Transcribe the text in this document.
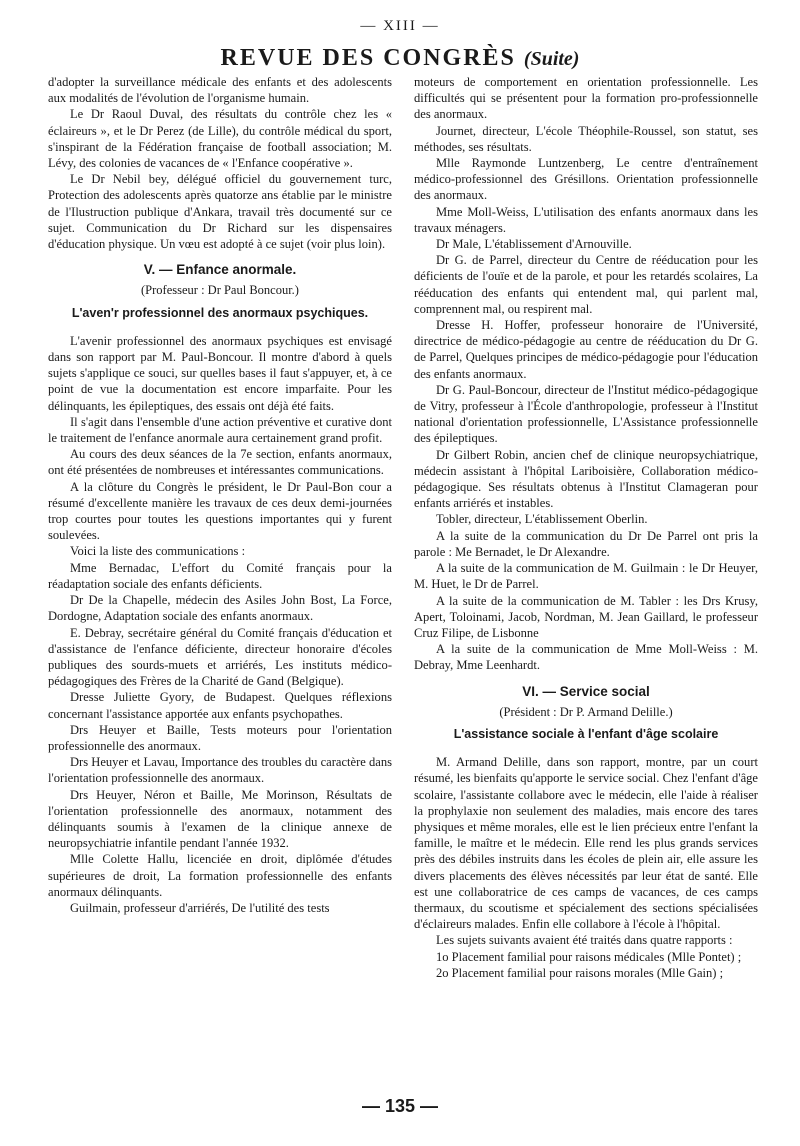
— XIII —
REVUE DES CONGRÈS (Suite)

d'adopter la surveillance médicale des enfants et des adolescents aux modalités de l'évolution de l'organisme humain.

Le Dr Raoul Duval, des résultats du contrôle chez les « éclaireurs », et le Dr Perez (de Lille), du contrôle médical du sport, s'inspirant de la Fédération française de football association; M. Lévy, des colonies de vacances de « l'Enfance coopérative ».

Le Dr Nebil bey, délégué officiel du gouvernement turc, Protection des adolescents après quatorze ans établie par le ministre de l'Ilustruction publique d'Ankara, travail très documenté sur ce sujet. Communication du Dr Richard sur les dispensaires d'éducation physique. Un vœu est adopté à ce sujet (voir plus loin).

V. — Enfance anormale.
(Professeur : Dr Paul Boncour.)
L'aven'r professionnel des anormaux psychiques.

L'avenir professionnel des anormaux psychiques est envisagé dans son rapport par M. Paul-Boncour. Il montre d'abord à quels sujets s'applique ce souci, sur quelles bases il faut s'appuyer, et, à ce point de vue la documentation est encore imparfaite. Pour les délinquants, les épileptiques, des essais ont déjà été faits.

Il s'agit dans l'ensemble d'une action préventive et curative dont le traitement de l'enfance anormale aura certainement grand profit.

Au cours des deux séances de la 7e section, enfants anormaux, ont été présentées de nombreuses et intéressantes communications.

A la clôture du Congrès le président, le Dr Paul-Bon cour a résumé d'excellente manière les travaux de ces deux demi-journées trop courtes pour toutes les questions importantes qui y furent soulevées.

Voici la liste des communications :

Mme Bernadac, L'effort du Comité français pour la réadaptation sociale des enfants déficients.

Dr De la Chapelle, médecin des Asiles John Bost, La Force, Dordogne, Adaptation sociale des enfants anormaux.

E. Debray, secrétaire général du Comité français d'éducation et d'assistance de l'enfance déficiente, directeur honoraire d'écoles publiques des sourds-muets et arriérés, Les instituts médico-pédagogiques des Frères de la Charité de Gand (Belgique).

Dresse Juliette Gyory, de Budapest. Quelques réflexions concernant l'assistance apportée aux enfants psychopathes.

Drs Heuyer et Baille, Tests moteurs pour l'orientation professionnelle des anormaux.

Drs Heuyer et Lavau, Importance des troubles du caractère dans l'orientation professionnelle des anormaux.

Drs Heuyer, Néron et Baille, Me Morinson, Résultats de l'orientation professionnelle des anormaux, notamment des délinquants soumis à l'examen de la clinique annexe de neuropsychiatrie infantile pendant l'année 1932.

Mlle Colette Hallu, licenciée en droit, diplômée d'études supérieures de droit, La formation professionnelle des enfants anormaux délinquants.

Guilmain, professeur d'arriérés, De l'utilité des tests

moteurs de comportement en orientation professionnelle. Les difficultés qui se présentent pour la formation pro-professionnelle des anormaux.

Journet, directeur, L'école Théophile-Roussel, son statut, ses méthodes, ses résultats.

Mlle Raymonde Luntzenberg, Le centre d'entraînement médico-professionnel des Grésillons. Orientation professionnelle des anormaux.

Mme Moll-Weiss, L'utilisation des enfants anormaux dans les travaux ménagers.

Dr Male, L'établissement d'Arnouville.

Dr G. de Parrel, directeur du Centre de rééducation pour les déficients de l'ouïe et de la parole, et pour les retardés scolaires, La rééducation des enfants qui entendent mal, qui parlent mal, comprennent mal, ou respirent mal.

Dresse H. Hoffer, professeur honoraire de l'Université, directrice de médico-pédagogie au centre de rééducation du Dr G. de Parrel, Quelques principes de médico-pédagogie pour l'éducation des enfants anormaux.

Dr G. Paul-Boncour, directeur de l'Institut médico-pédagogique de Vitry, professeur à l'École d'anthropologie, professeur à l'Institut national d'orientation professionnelle, L'Assistance professionnelle des épileptiques.

Dr Gilbert Robin, ancien chef de clinique neuropsychiatrique, médecin assistant à l'hôpital Lariboisière, Collaboration médico-pédagogique. Ses résultats obtenus à l'Institut Clamageran pour enfants arriérés et instables.

Tobler, directeur, L'établissement Oberlin.

A la suite de la communication du Dr De Parrel ont pris la parole : Me Bernadet, le Dr Alexandre.

A la suite de la communication de M. Guilmain : le Dr Heuyer, M. Huet, le Dr de Parrel.

A la suite de la communication de M. Tabler : les Drs Krusy, Apert, Toloinami, Jacob, Nordman, M. Jean Gaillard, le professeur Cruz Filipe, de Lisbonne

A la suite de la communication de Mme Moll-Weiss : M. Debray, Mme Leenhardt.

VI. — Service social
(Président : Dr P. Armand Delille.)
L'assistance sociale à l'enfant d'âge scolaire

M. Armand Delille, dans son rapport, montre, par un court résumé, les bienfaits qu'apporte le service social. Chez l'enfant d'âge scolaire, l'assistante collabore avec le médecin, elle l'aide à réaliser la prophylaxie non seulement des maladies, mais encore des tares physiques et même morales, elle est le lien précieux entre l'enfant la famille, le maître et le médecin. Elle rend les plus grands services près des débiles instruits dans les écoles de plein air, elle assure les divers placements des élèves nécessités par leur état de santé. Elle est une collaboratrice de ces camps de vacances, de ces camps thermaux, du scoutisme et spécialement des sections spécialisées d'éclaireurs malades. Enfin elle collabore à l'école à l'hôpital.

Les sujets suivants avaient été traités dans quatre rapports :

1o Placement familial pour raisons médicales (Mlle Pontet) ;

2o Placement familial pour raisons morales (Mlle Gain) ;

— 135 —
